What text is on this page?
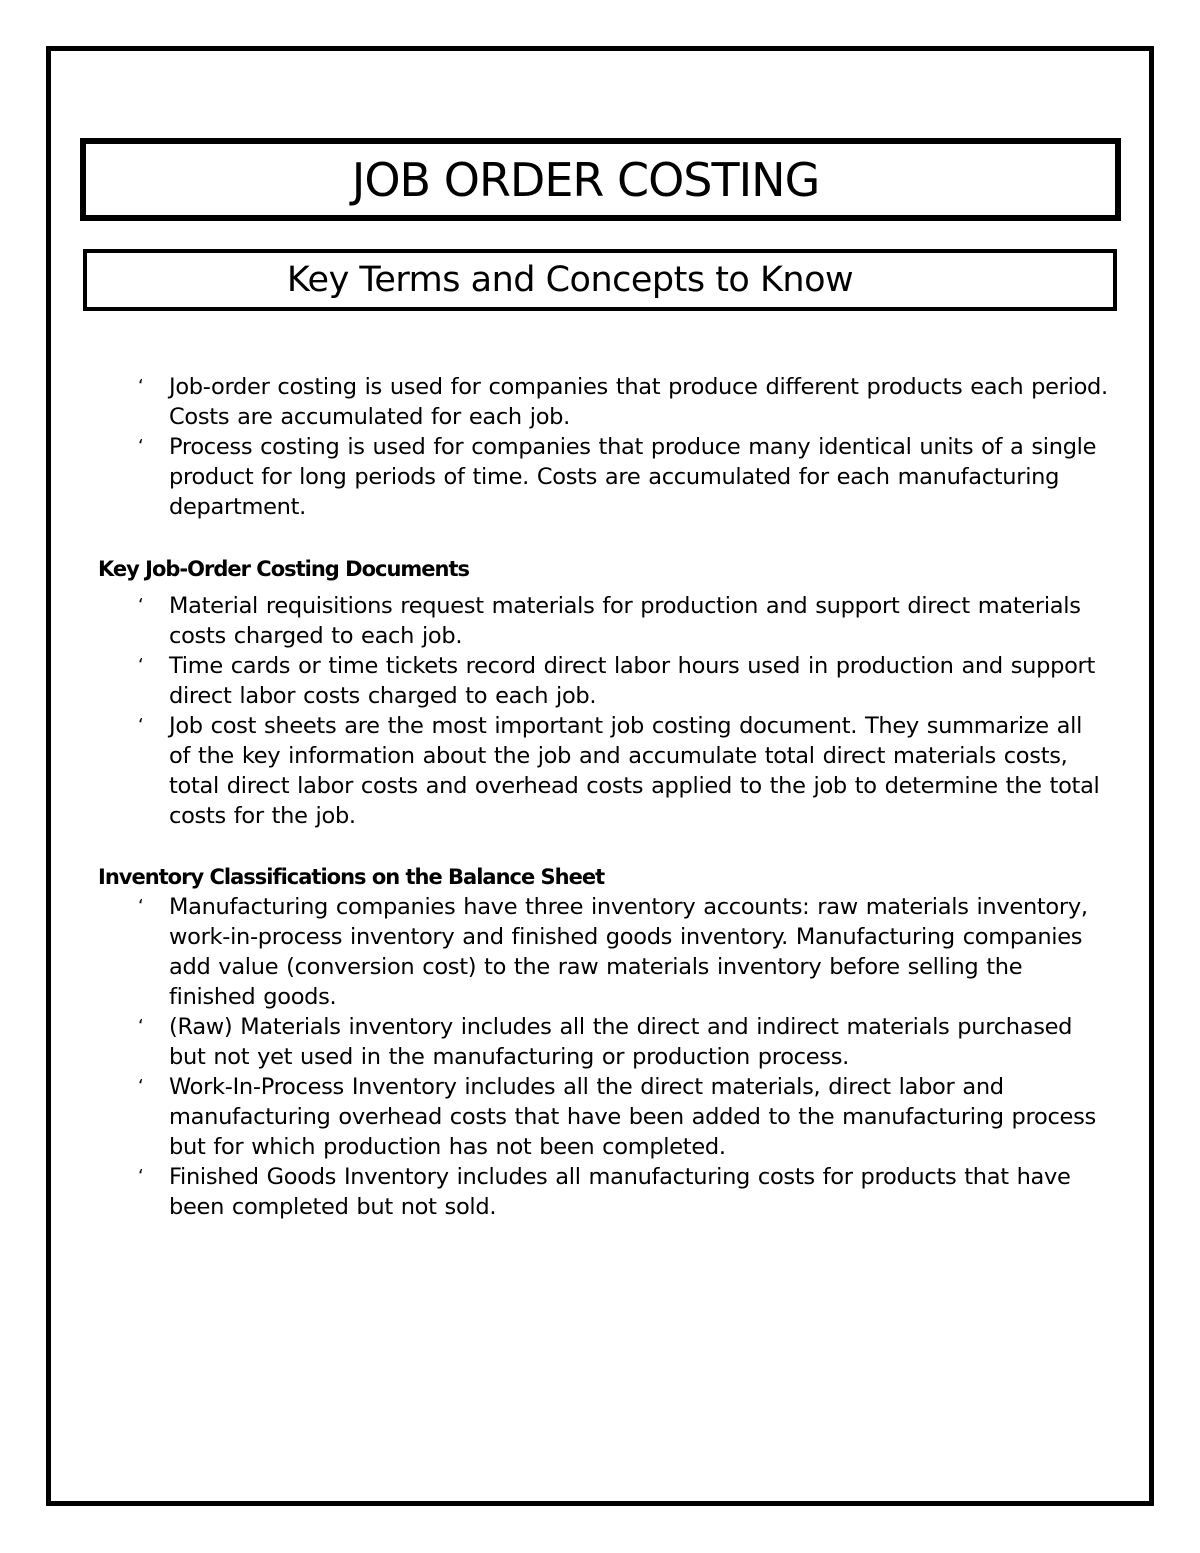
JOB ORDER COSTING
Key Terms and Concepts to Know
‘	Job-order costing is used for companies that produce different products each period. Costs are accumulated for each job.
‘	Process costing is used for companies that produce many identical units of a single product for long periods of time. Costs are accumulated for each manufacturing department.
Key Job-Order Costing Documents
‘	Material requisitions request materials for production and support direct materials costs charged to each job.
‘	Time cards or time tickets record direct labor hours used in production and support direct labor costs charged to each job.
‘	Job cost sheets are the most important job costing document. They summarize all of the key information about the job and accumulate total direct materials costs, total direct labor costs and overhead costs applied to the job to determine the total costs for the job.
Inventory Classifications on the Balance Sheet
‘	Manufacturing companies have three inventory accounts: raw materials inventory, work-in-process inventory and finished goods inventory. Manufacturing companies add value (conversion cost) to the raw materials inventory before selling the finished goods.
‘	(Raw) Materials inventory includes all the direct and indirect materials purchased but not yet used in the manufacturing or production process.
‘	Work-In-Process Inventory includes all the direct materials, direct labor and manufacturing overhead costs that have been added to the manufacturing process but for which production has not been completed.
‘	Finished Goods Inventory includes all manufacturing costs for products that have been completed but not sold.
